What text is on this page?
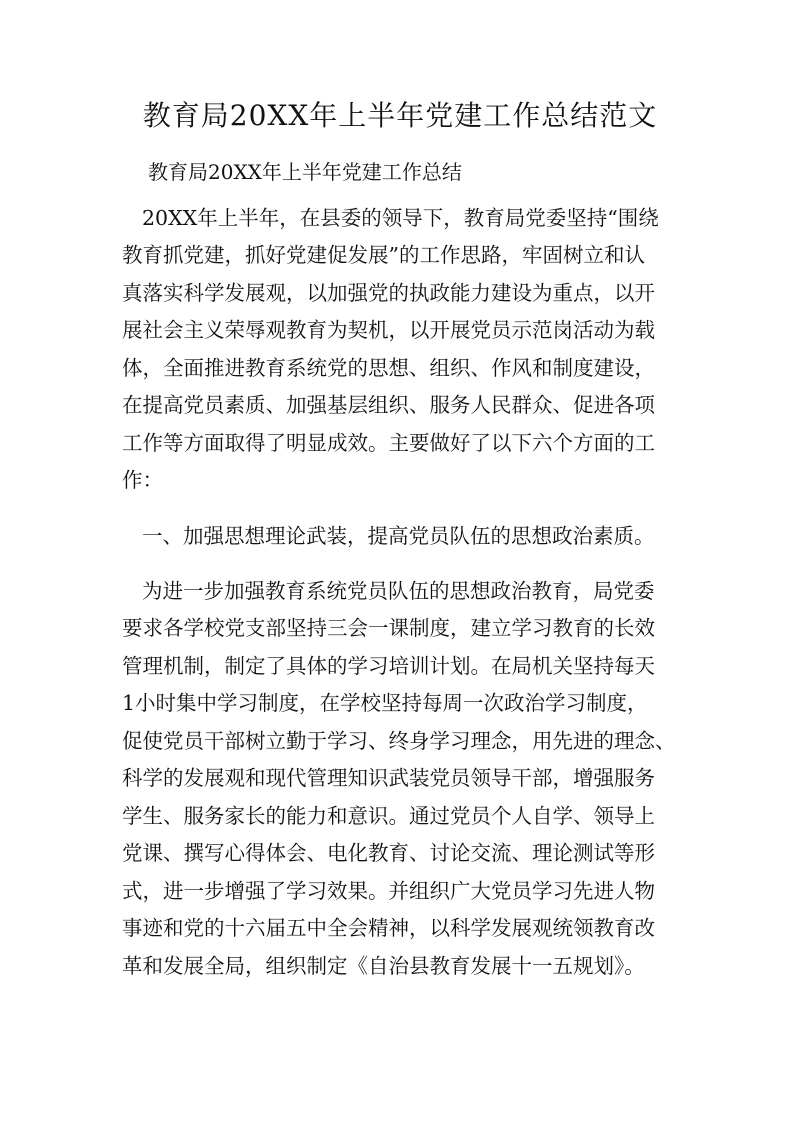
教育局20XX年上半年党建工作总结范文

教育局20XX年上半年党建工作总结

20XX年上半年，在县委的领导下，教育局党委坚持“围绕

教育抓党建，抓好党建促发展”的工作思路，牢固树立和认

真落实科学发展观，以加强党的执政能力建设为重点，以开

展社会主义荣辱观教育为契机，以开展党员示范岗活动为载

体，全面推进教育系统党的思想、组织、作风和制度建设，

在提高党员素质、加强基层组织、服务人民群众、促进各项

工作等方面取得了明显成效。主要做好了以下六个方面的工

作：

一、加强思想理论武装，提高党员队伍的思想政治素质。

为进一步加强教育系统党员队伍的思想政治教育，局党委

要求各学校党支部坚持三会一课制度，建立学习教育的长效

管理机制，制定了具体的学习培训计划。在局机关坚持每天

1小时集中学习制度，在学校坚持每周一次政治学习制度，

促使党员干部树立勤于学习、终身学习理念，用先进的理念、

科学的发展观和现代管理知识武装党员领导干部，增强服务

学生、服务家长的能力和意识。通过党员个人自学、领导上

党课、撰写心得体会、电化教育、讨论交流、理论测试等形

式，进一步增强了学习效果。并组织广大党员学习先进人物

事迹和党的十六届五中全会精神，以科学发展观统领教育改

革和发展全局，组织制定《自治县教育发展十一五规划》。
